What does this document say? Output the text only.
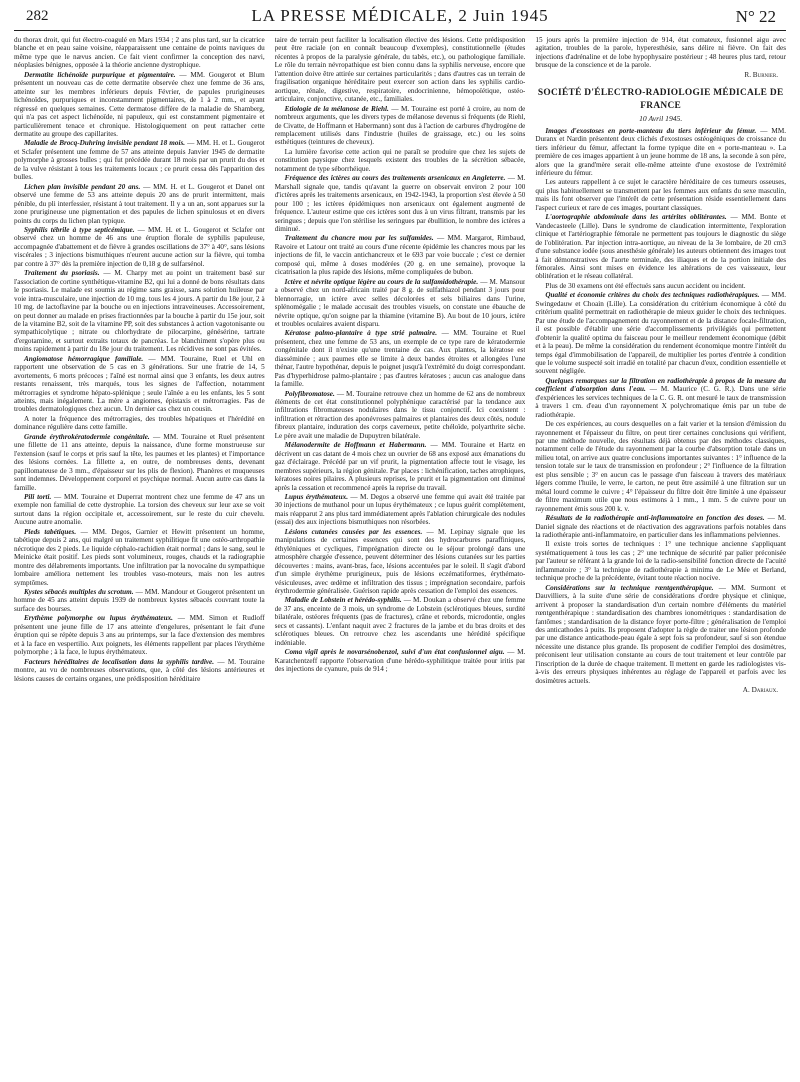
282	LA PRESSE MÉDICALE, 2 Juin 1945	N° 22

du thorax droit, qui fut électro-coagulé en Mars 1934 ; 2 ans plus tard, sur la cicatrice blanche et en peau saine voisine, réapparaissent une centaine de points naviques du même type que le nævus ancien. Ce fait vient confirmer la conception des nævi, néoplasies bénignes, opposée à la théorie ancienne dystrophique.

Dermatite lichénoïde purpurique et pigmentaire. — MM. Gougerot et Blum présentent un nouveau cas de cette dermatite observée chez une femme de 36 ans, atteinte sur les membres inférieurs depuis Février, de papules prurigineuses lichénoïdes, purpuriques et inconstamment pigmentaires, de 1 à 2 mm., et ayant régressé en quelques semaines. Cette dermatose diffère de la maladie de Shamberg, qui n'a pas cet aspect lichénoïde, ni papuleux, qui est constamment pigmentaire et particulièrement tenace et chronique. Histologiquement on peut rattacher cette dermatite au groupe des capillarites.

Maladie de Brocq-Duhring invisible pendant 18 mois. — MM. H. et L. Gougerot et Sclafer présentent une femme de 57 ans atteinte depuis Janvier 1945 de dermatite polymorphe à grosses bulles ; qui fut précédée durant 18 mois par un prurit du dos et de la vulve résistant à tous les traitements locaux ; ce prurit cessa dès l'apparition des bulles.

Lichen plan invisible pendant 20 ans. — MM. H. et L. Gougerot et Danel ont observé une femme de 53 ans atteinte depuis 20 ans de prurit intermittent, mais pénible, du pli interfessier, résistant à tout traitement. Il y a un an, sont apparues sur la zone prurigineuse une pigmentation et des papules de lichen spinulosus et en divers points du corps du lichen plan typique.

Syphilis tébrile à type septicémique. — MM. H. et L. Gougerot et Sclafer ont observé chez un homme de 46 ans une éruption florale de syphilis papuleuse, accompagnée d'abattement et de fièvre à grandes oscillations de 37° à 40°, sans lésions viscérales ; 3 injections bismuthiques n'eurent aucune action sur la fièvre, qui tomba par contre à 37° dès la première injection de 0,18 g de sulfarsénol.

Traitement du psoriasis. — M. Charpy met au point un traitement basé sur l'association de cortine synthétique-vitamine B2, qui lui a donné de bons résultats dans le psoriasis. Le malade est soumis au régime sans graisse, sans solution huileuse par voie intra-musculaire, une injection de 10 mg. tous les 4 jours. A partir du 18e jour, 2 à 10 mg. de lactoflavine par la bouche ou en injections intraveineuses. Accessoirement, on peut donner au malade en prises fractionnées par la bouche à partir du 15e jour, soit de la vitamine B2, soit de la vitamine PP, soit des substances à action vagotonisante ou sympathicolytique ; nitrate ou chlorhydrate de pilocarpine, génésérine, tartrate d'ergotamine, et surtout extraits totaux de pancréas. Le blanchiment s'opère plus ou moins rapidement à partir du 18e jour du traitement. Les récidives ne sont pas évitées.

Angiomatose hémorragique familiale. — MM. Touraine, Ruel et Uhl en rapportent une observation de 5 cas en 3 générations. Sur une fratrie de 14, 5 avortements, 6 morts précoces ; l'aîné est normal ainsi que 3 enfants, les deux autres restants renaissent, très marqués, tous les signes de l'affection, notamment métrorragies et syndrome hépato-splénique ; seule l'aînée a eu les enfants, les 5 sont atteints, mais inégalement. La mère a angiomes, épistaxis et métrorragies. Pas de troubles dermatologiques chez aucun. Un dernier cas chez un cousin.

A noter la fréquence des métrorragies, des troubles hépatiques et l'hérédité en dominance régulière dans cette famille.

Grande érythrokératodermie congénitale. — MM. Touraine et Ruel présentent une fillette de 11 ans atteinte, depuis la naissance, d'une forme monstrueuse sur l'extension (sauf le corps et pris sauf la tête, les paumes et les plantes) et l'importance des lésions cornées. La fillette a, en outre, de nombreuses dents, devenant papillomateuse de 3 mm., d'épaisseur sur les plis de flexion). Phanères et muqueuses sont indemnes. Développement corporel et psychique normal. Aucun autre cas dans la famille.

Pili torti. — MM. Touraine et Duperrat montrent chez une femme de 47 ans un exemple non familial de cette dystrophie. La torsion des cheveux sur leur axe se voit surtout dans la région occipitale et, accessoirement, sur le reste du cuir chevelu. Aucune autre anomalie.

Pieds tabétiques. — MM. Degos, Garnier et Hewitt présentent un homme, tabétique depuis 2 ans, qui malgré un traitement syphilitique fit une ostéo-arthropathie nécrotique des 2 pieds. Le liquide céphalo-rachidien était normal ; dans le sang, seul le Meinicke était positif. Les pieds sont volumineux, rouges, chauds et la radiographie montre des délabrements importants. Une infiltration par la novocaïne du sympathique lombaire améliora nettement les troubles vaso-moteurs, mais non les autres symptômes.

Kystes sébacés multiples du scrotum. — MM. Mandour et Gougerot présentent un homme de 45 ans atteint depuis 1939 de nombreux kystes sébacés couvrant toute la surface des bourses.

Erythème polymorphe ou lupus érythémateux. — MM. Simon et Rudloff présentent une jeune fille de 17 ans atteinte d'engelures, présentant le fait d'une éruption qui se répète depuis 3 ans au printemps, sur la face d'extension des membres et à la face en vespertilio. Aux poignets, les éléments rappellent par places l'érythème polymorphe ; à la face, le lupus érythémateux.

Facteurs héréditaires de localisation dans la syphilis tardive. — M. Touraine montre, au vu de nombreuses observations, que, à côté des lésions antérieures et lésions causes de certains organes, une prédisposition héréditaire

taire de terrain peut faciliter la localisation élective des lésions. Cette prédisposition peut être raciale (on en connaît beaucoup d'exemples), constitutionnelle (études récentes à propos de la paralysie générale, du tabès, etc.), ou pathologique familiale. Le rôle du terrain névropathique est bien connu dans la syphilis nerveuse, encore que l'attention doive être attirée sur certaines particularités ; dans d'autres cas un terrain de fragilisation organique héréditaire peut exercer son action dans les syphilis cardio-aortique, rénale, digestive, respiratoire, endocrinienne, hémopoïétique, ostéo-articulaire, conjonctive, cutanée, etc., familiales.

Etiologie de la mélanose de Riehl. — M. Touraine est porté à croire, au nom de nombreux arguments, que les divers types de mélanose devenus si fréquents (de Riehl, de Civatte, de Hoffmann et Habermann) sont dus à l'action de carbures d'hydrogène de remplacement utilisés dans l'industrie (huiles de graissage, etc.) ou les soins esthétiques (teintures de cheveux).

La lumière favorise cette action qui ne paraît se produire que chez les sujets de constitution paysique chez lesquels existent des troubles de la sécrétion sébacée, notamment de type séborrhéique.

Fréquence des ictères au cours des traitements arsenicaux en Angleterre. — M. Marshall signale que, tandis qu'avant la guerre on observait environ 2 pour 100 d'ictères après les traitements arsenicaux, en 1942-1943, la proportion s'est élevée à 50 pour 100 ; les ictères épidémiques non arsenicaux ont également augmenté de fréquence. L'auteur estime que ces ictères sont dus à un virus filtrant, transmis par les seringues ; depuis que l'on stérilise les seringues par ébullition, le nombre des ictères a diminué.

Traitement du chancre mou par les sulfamides. — MM. Margarot, Rimbaud, Ravoire et Latour ont traité au cours d'une récente épidémie les chancres mous par les injections de fil, le vaccin antichancreux et le 693 par voie buccale ; c'est ce dernier composé qui, même à doses modérées (20 g. en une semaine), provoque la cicatrisation la plus rapide des lésions, même compliquées de bubon.

Ictère et névrite optique légère au cours de la sulfamidothérapie. — M. Mansour a observé chez un nord-africain traité par 8 g. de sulfathiazol pendant 3 jours pour blennorragie, un ictère avec selles décolorées et sels biliaires dans l'urine, splénomégalie ; le malade accusait des troubles visuels, on constate une ébauche de névrite optique, qu'on soigne par la thiamine (vitamine B). Au bout de 10 jours, ictère et troubles oculaires avaient disparu.

Kératose palmo-plantaire à type strié palmaire. — MM. Touraine et Ruel présentent, chez une femme de 53 ans, un exemple de ce type rare de kératodermie congénitale dont il n'existe qu'une trentaine de cas. Aux plantes, la kératose est diasséminée ; aux paumes elle se limite à deux bandes étroites et allongées l'une thénar, l'autre hypothénar, depuis le poignet jusqu'à l'extrémité du doigt correspondant. Pas d'hyperhidrose palmo-plantaire ; pas d'autres kératoses ; aucun cas analogue dans la famille.

Polyfibromatose. — M. Touraine retrouve chez un homme de 62 ans de nombreux éléments de cet état constitutionnel polyphénique caractérisé par la tendance aux infiltrations fibromateuses nodulaires dans le tissu conjonctif. Ici coexistent : infiltration et rétraction des aponévroses palmaires et plantaires des deux côtés, nodule fibreux plantaire, induration des corps caverneux, petite chéloïde, polyarthrite sèche. Le père avait une maladie de Dupuytren bilatérale.

Mélanodermite de Hoffmann et Habermann. — MM. Touraine et Hartz en décrivent un cas datant de 4 mois chez un ouvrier de 68 ans exposé aux émanations du gaz d'éclairage. Précédé par un vif prurit, la pigmentation affecte tout le visage, les membres supérieurs, la région génitale. Par places : lichénification, taches atrophiques, kératoses noires pilaires. A plusieurs reprises, le prurit et la pigmentation ont diminué après la cessation et recommencé après la reprise du travail.

Lupus érythémateux. — M. Degos a observé une femme qui avait été traitée par 30 injections de muthanol pour un lupus érythémateux ; ce lupus guérit complètement, mais réapparut 2 ans plus tard immédiatement après l'ablation chirurgicale des nodules (essai) des aux injections bismuthiques non résorbées.

Lésions cutanées causées par les essences. — M. Lepinay signale que les manipulations de certaines essences qui sont des hydrocarbures paraffiniques, éthyléniques et cycliques, l'imprégnation directe ou le séjour prolongé dans une atmosphère chargée d'essence, peuvent déterminer des lésions cutanées sur les parties découvertes : mains, avant-bras, face, lésions accentuées par le soleil. Il s'agit d'abord d'un simple érythème prurigineux, puis de lésions eczématiformes, érythémato-vésiculeuses, avec œdème et infiltration des tissus ; imprégnation secondaire, parfois érythrodermie généralisée. Guérison rapide après cessation de l'emploi des essences.

Maladie de Lobstein et hérédo-syphilis. — M. Doukan a observé chez une femme de 37 ans, enceinte de 3 mois, un syndrome de Lobstein (sclérotiques bleues, surdité bilatérale, ostéores fréquents (pas de fractures), crâne et rebords, microdontie, ongles secs et cassants). L'enfant naquit avec 2 fractures de la jambe et du bras droits et des sclérotiques bleues. On retrouve chez les ascendants une hérédité spécifique indéniable.

Coma vigil après le novarsénobenzol, suivi d'un état confusionnel aigu. — M. Karatchentzeff rapporte l'observation d'une hérédo-syphilitique traitée pour iritis par des injections de cyanure, puis de 914 ;

15 jours après la première injection de 914, état comateux, fusionnel aigu avec agitation, troubles de la parole, hyperesthésie, sans délire ni fièvre. On fait des injections d'adrénaline et de lobe hypophysaire postérieur ; 48 heures plus tard, retour brusque de la conscience et de la parole.

R. Burnier.
SOCIÉTÉ D'ÉLECTRO-RADIOLOGIE MÉDICALE DE FRANCE
10 Avril 1945.

Images d'exostoses en porte-manteau du tiers inférieur du fémur. — MM. Duranx et Nardin présentent deux clichés d'exostoses ostéogéniques de croissance du tiers inférieur du fémur, affectant la forme typique dite en « porte-manteau ». La première de ces images appartient à un jeune homme de 18 ans, la seconde à son père, alors que la grand'mère serait elle-même atteinte d'une exostose de l'extrémité inférieure du fémur.

Les auteurs rappellent à ce sujet le caractère héréditaire de ces tumeurs osseuses, qui plus habituellement se transmettent par les femmes aux enfants du sexe masculin, mais ils font observer que l'intérêt de cette présentation réside essentiellement dans l'aspect curieux et rare de ces images, pourtant classiques.

L'aortographie abdominale dans les artérites oblitérantes. — MM. Bonte et Vandecasteele (Lille). Dans le syndrome de claudication intermittente, l'exploration clinique et l'artériographie fémorale ne permettent pas toujours le diagnostic du siège de l'oblitération. Par injection intra-aortique, au niveau de la 3e lombaire, de 20 cm3 d'une substance iodée (sous anesthésie générale) les auteurs obtiennent des images tout à fait démonstratives de l'aorte terminale, des iliaques et de la portion initiale des fémorales. Ainsi sont mises en évidence les altérations de ces vaisseaux, leur oblitération et le réseau collatéral.

Plus de 30 examens ont été effectués sans aucun accident ou incident.

Qualité et économie critères du choix des techniques radiothérapiques. — MM. Swingedauw et Choain (Lille). La considération du critérium économique à côté du critérium qualité permettrait en radiothérapie de mieux guider le choix des techniques. Par une étude de l'accompagnement du rayonnement et de la distance focale-filtration, il est possible d'établir une série d'accomplissements privilégiés qui permettent d'obtenir la qualité optima du faisceau pour le meilleur rendement économique (débit et à la peau). De même la considération du rendement économique montre l'intérêt du temps égal d'immobilisation de l'appareil, de multiplier les portes d'entrée à condition que le volume suspecté soit irradié en totalité par chacun d'eux, condition essentielle et souvent négligée.

Quelques remarques sur la filtration en radiothérapie à propos de la mesure du coefficient d'absorption dans l'eau. — M. Maurice (C. G. R.). Dans une série d'expériences les services techniques de la C. G. R. ont mesuré le taux de transmission à travers 1 cm. d'eau d'un rayonnement X polychromatique émis par un tube de radiothérapie.

De ces expériences, au cours desquelles on a fait varier et la tension d'émission du rayonnement et l'épaisseur du filtre, on peut tirer certaines conclusions qui vérifient, par une méthode nouvelle, des résultats déjà obtenus par des méthodes classiques, notamment celle de l'étude du rayonnement par la courbe d'absorption totale dans un milieu total, on arrive aux quatre conclusions importantes suivantes : 1° influence de la tension totale sur le taux de transmission en profondeur ; 2° l'influence de la filtration est plus sensible ; 3° en aucun cas le passage d'un faisceau à travers des matériaux légers comme l'huile, le verre, le carton, ne peut être assimilé à une filtration sur un métal lourd comme le cuivre ; 4° l'épaisseur du filtre doit être limitée à une épaisseur de filtre maximum utile que nous estimons à 1 mm., 1 mm. 5 de cuivre pour un rayonnement émis sous 200 k. v.

Résultats de la radiothérapie anti-inflammatoire en fonction des doses. — M. Daniel signale des réactions et de réactivation des aggravations parfois notables dans la radiothérapie anti-inflammatoire, en particulier dans les inflammations pelviennes.

Il existe trois sortes de techniques : 1° une technique ancienne s'appliquant systématiquement à tous les cas ; 2° une technique de sécurité par palier préconisée par l'auteur se référant à la grande loi de la radio-sensibilité fonction directe de l'acuité inflammatoire ; 3° la technique de radiothérapie à minima de Le Mée et Berland, technique proche de la précédente, évitant toute réaction nocive.

Considérations sur la technique rœntgenthérapique. — MM. Surmont et Dauvilliers, à la suite d'une série de considérations d'ordre physique et clinique, arrivent à proposer la standardisation d'un certain nombre d'éléments du matériel rœntgenthérapique : standardisation des chambres ionométriques : standardisation de fantômes ; standardisation de la distance foyer porte-filtre ; généralisation de l'emploi des anticathodes à puits. Ils proposent d'adopter la règle de traiter une lésion profonde par une distance anticathode-peau égale à sept fois sa profondeur, sauf si son étendue nécessite une distance plus grande. Ils proposent de codifier l'emploi des dosimètres, préconisent leur utilisation constante au cours de tout traitement et leur contrôle par l'inscription de la durée de chaque traitement. Il mettent en garde les radiologistes vis-à-vis des erreurs physiques inhérentes au réglage de l'appareil et parfois avec les dosimètres actuels.

A. Dariaux.
